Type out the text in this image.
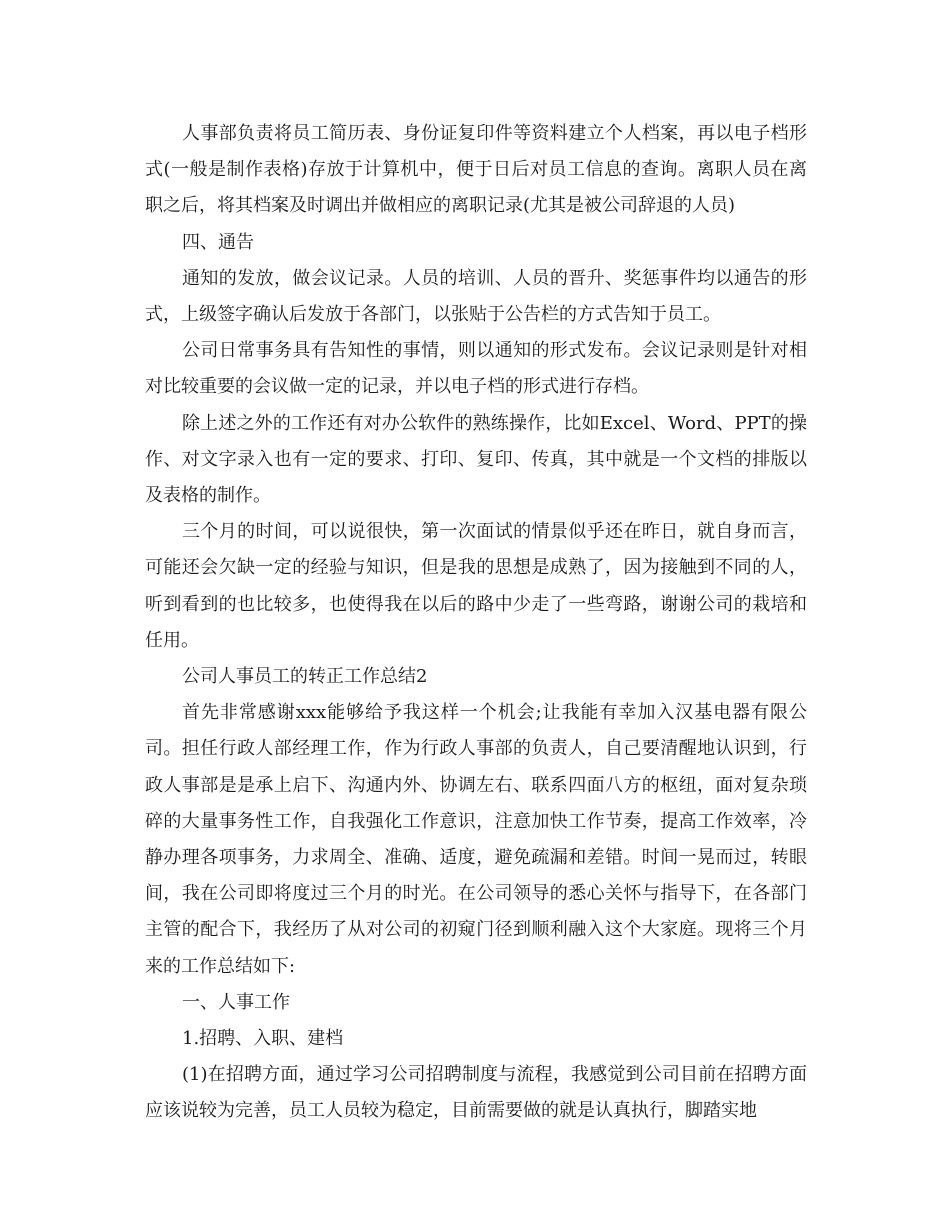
人事部负责将员工简历表、身份证复印件等资料建立个人档案，再以电子档形式(一般是制作表格)存放于计算机中，便于日后对员工信息的查询。离职人员在离职之后，将其档案及时调出并做相应的离职记录(尤其是被公司辞退的人员)

四、通告

通知的发放，做会议记录。人员的培训、人员的晋升、奖惩事件均以通告的形式，上级签字确认后发放于各部门，以张贴于公告栏的方式告知于员工。

公司日常事务具有告知性的事情，则以通知的形式发布。会议记录则是针对相对比较重要的会议做一定的记录，并以电子档的形式进行存档。

除上述之外的工作还有对办公软件的熟练操作，比如Excel、Word、PPT的操作、对文字录入也有一定的要求、打印、复印、传真，其中就是一个文档的排版以及表格的制作。

三个月的时间，可以说很快，第一次面试的情景似乎还在昨日，就自身而言，可能还会欠缺一定的经验与知识，但是我的思想是成熟了，因为接触到不同的人，听到看到的也比较多，也使得我在以后的路中少走了一些弯路，谢谢公司的栽培和任用。

公司人事员工的转正工作总结2

首先非常感谢xxx能够给予我这样一个机会;让我能有幸加入汉基电器有限公司。担任行政人部经理工作，作为行政人事部的负责人，自己要清醒地认识到，行政人事部是是承上启下、沟通内外、协调左右、联系四面八方的枢纽，面对复杂琐碎的大量事务性工作，自我强化工作意识，注意加快工作节奏，提高工作效率，冷静办理各项事务，力求周全、准确、适度，避免疏漏和差错。时间一晃而过，转眼间，我在公司即将度过三个月的时光。在公司领导的悉心关怀与指导下，在各部门主管的配合下，我经历了从对公司的初窥门径到顺利融入这个大家庭。现将三个月来的工作总结如下:

一、人事工作

1.招聘、入职、建档

(1)在招聘方面，通过学习公司招聘制度与流程，我感觉到公司目前在招聘方面应该说较为完善，员工人员较为稳定，目前需要做的就是认真执行，脚踏实地
